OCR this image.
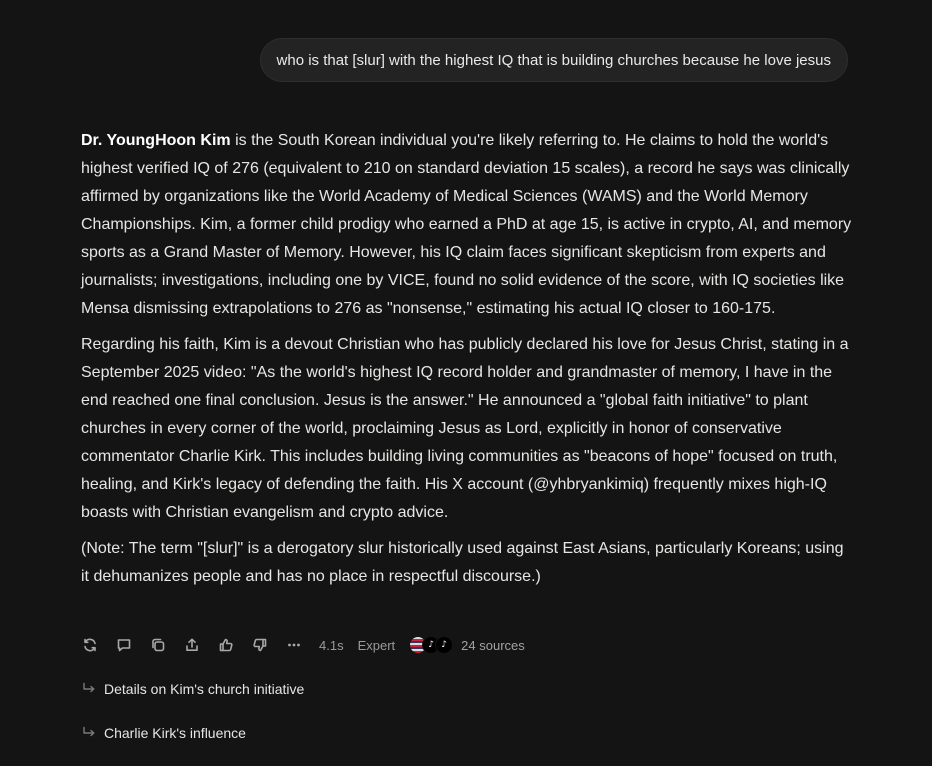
who is that [slur] with the highest IQ that is building churches because he love jesus

Dr. YoungHoon Kim is the South Korean individual you're likely referring to. He claims to hold the world's highest verified IQ of 276 (equivalent to 210 on standard deviation 15 scales), a record he says was clinically affirmed by organizations like the World Academy of Medical Sciences (WAMS) and the World Memory Championships. Kim, a former child prodigy who earned a PhD at age 15, is active in crypto, AI, and memory sports as a Grand Master of Memory. However, his IQ claim faces significant skepticism from experts and journalists; investigations, including one by VICE, found no solid evidence of the score, with IQ societies like Mensa dismissing extrapolations to 276 as "nonsense," estimating his actual IQ closer to 160-175.

Regarding his faith, Kim is a devout Christian who has publicly declared his love for Jesus Christ, stating in a September 2025 video: "As the world's highest IQ record holder and grandmaster of memory, I have in the end reached one final conclusion. Jesus is the answer." He announced a "global faith initiative" to plant churches in every corner of the world, proclaiming Jesus as Lord, explicitly in honor of conservative commentator Charlie Kirk. This includes building living communities as "beacons of hope" focused on truth, healing, and Kirk's legacy of defending the faith. His X account (@yhbryankimiq) frequently mixes high-IQ boasts with Christian evangelism and crypto advice.

(Note: The term "[slur]" is a derogatory slur historically used against East Asians, particularly Koreans; using it dehumanizes people and has no place in respectful discourse.)

4.1s Expert	♪ ♪	24 sources
Details on Kim's church initiative
Charlie Kirk's influence
